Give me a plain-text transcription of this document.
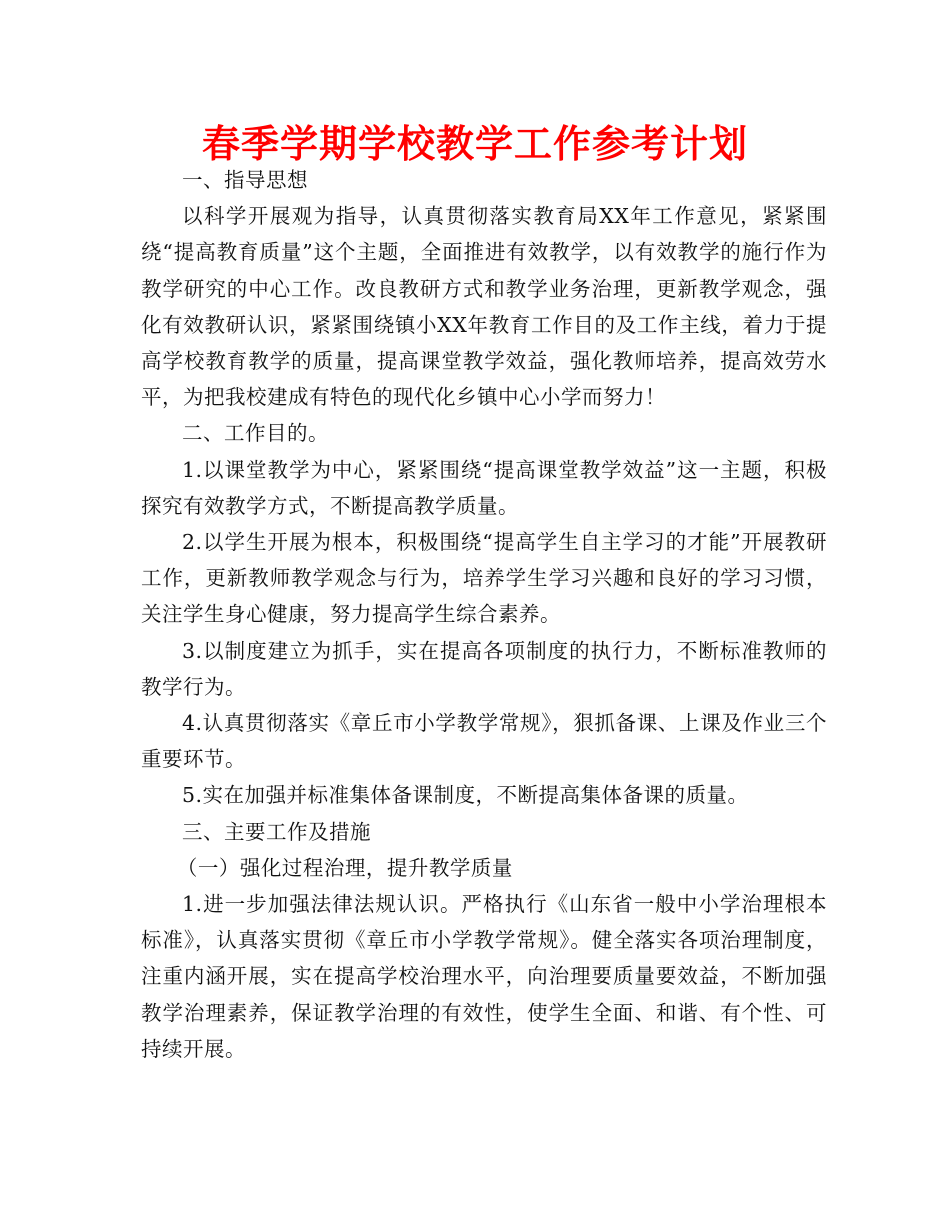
春季学期学校教学工作参考计划

一、指导思想

以科学开展观为指导，认真贯彻落实教育局XX年工作意见，紧紧围绕“提高教育质量”这个主题，全面推进有效教学，以有效教学的施行作为教学研究的中心工作。改良教研方式和教学业务治理，更新教学观念，强化有效教研认识，紧紧围绕镇小XX年教育工作目的及工作主线，着力于提高学校教育教学的质量，提高课堂教学效益，强化教师培养，提高效劳水平，为把我校建成有特色的现代化乡镇中心小学而努力！

二、工作目的。

1.以课堂教学为中心，紧紧围绕“提高课堂教学效益”这一主题，积极探究有效教学方式，不断提高教学质量。

2.以学生开展为根本，积极围绕“提高学生自主学习的才能”开展教研工作，更新教师教学观念与行为，培养学生学习兴趣和良好的学习习惯，关注学生身心健康，努力提高学生综合素养。

3.以制度建立为抓手，实在提高各项制度的执行力，不断标准教师的教学行为。

4.认真贯彻落实《章丘市小学教学常规》，狠抓备课、上课及作业三个重要环节。

5.实在加强并标准集体备课制度，不断提高集体备课的质量。

三、主要工作及措施

（一）强化过程治理，提升教学质量

1.进一步加强法律法规认识。严格执行《山东省一般中小学治理根本标准》，认真落实贯彻《章丘市小学教学常规》。健全落实各项治理制度，注重内涵开展，实在提高学校治理水平，向治理要质量要效益，不断加强教学治理素养，保证教学治理的有效性，使学生全面、和谐、有个性、可持续开展。
